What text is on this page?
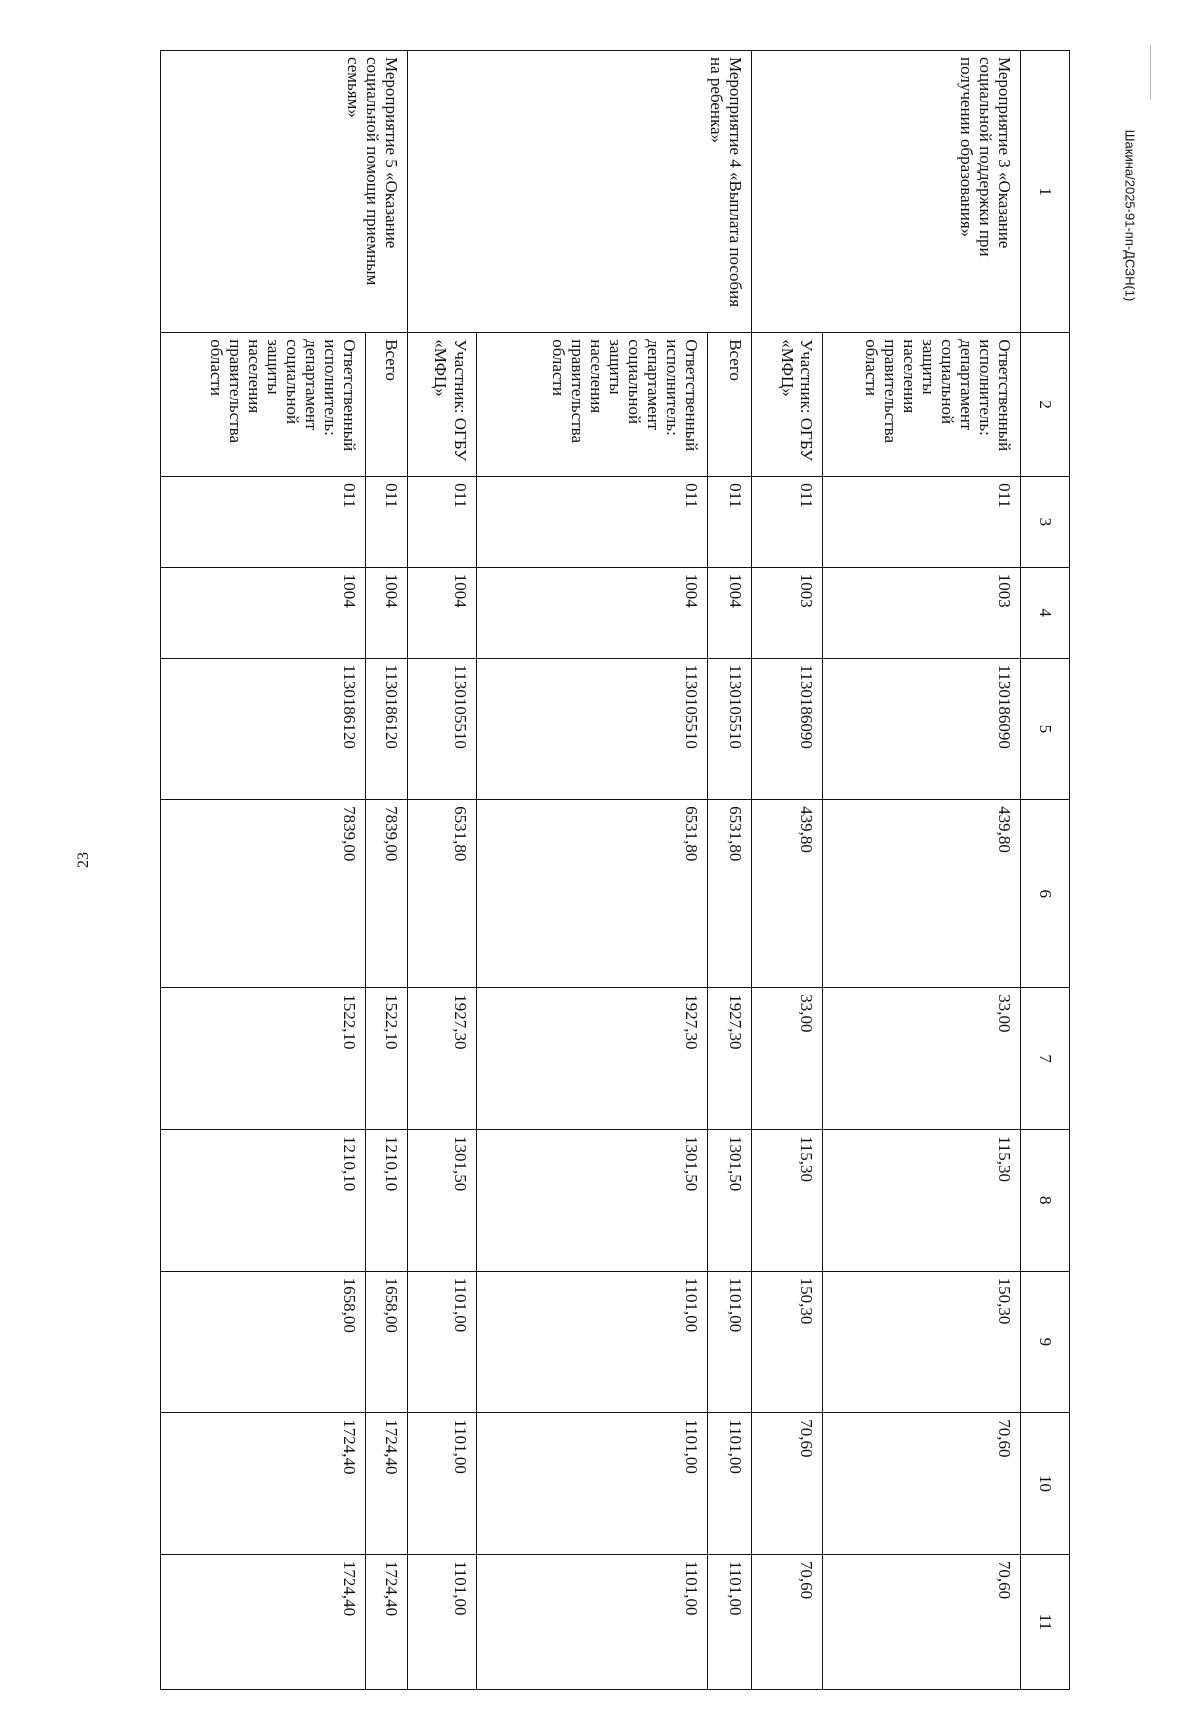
23
Шакина/2025-91-пп-ДСЗН(1)
1	2	3	4	5	6	7	8	9	10	11
Мероприятие 3 «Оказание социальной поддержки при получении образования»	Ответственный исполнитель: департамент социальной защиты населения правительства области	011	1003	1130186090	439,80	33,00	115,30	150,30	70,60	70,60
	Участник: ОГБУ «МФЦ»	011	1003	1130186090	439,80	33,00	115,30	150,30	70,60	70,60
Мероприятие 4 «Выплата пособия на ребенка»	Всего	011	1004	1130105510	6531,80	1927,30	1301,50	1101,00	1101,00	1101,00
	Ответственный исполнитель: департамент социальной защиты населения правительства области	011	1004	1130105510	6531,80	1927,30	1301,50	1101,00	1101,00	1101,00
	Участник: ОГБУ «МФЦ»	011	1004	1130105510	6531,80	1927,30	1301,50	1101,00	1101,00	1101,00
Мероприятие 5 «Оказание социальной помощи приемным семьям»	Всего	011	1004	1130186120	7839,00	1522,10	1210,10	1658,00	1724,40	1724,40
	Ответственный исполнитель: департамент социальной защиты населения правительства области	011	1004	1130186120	7839,00	1522,10	1210,10	1658,00	1724,40	1724,40
